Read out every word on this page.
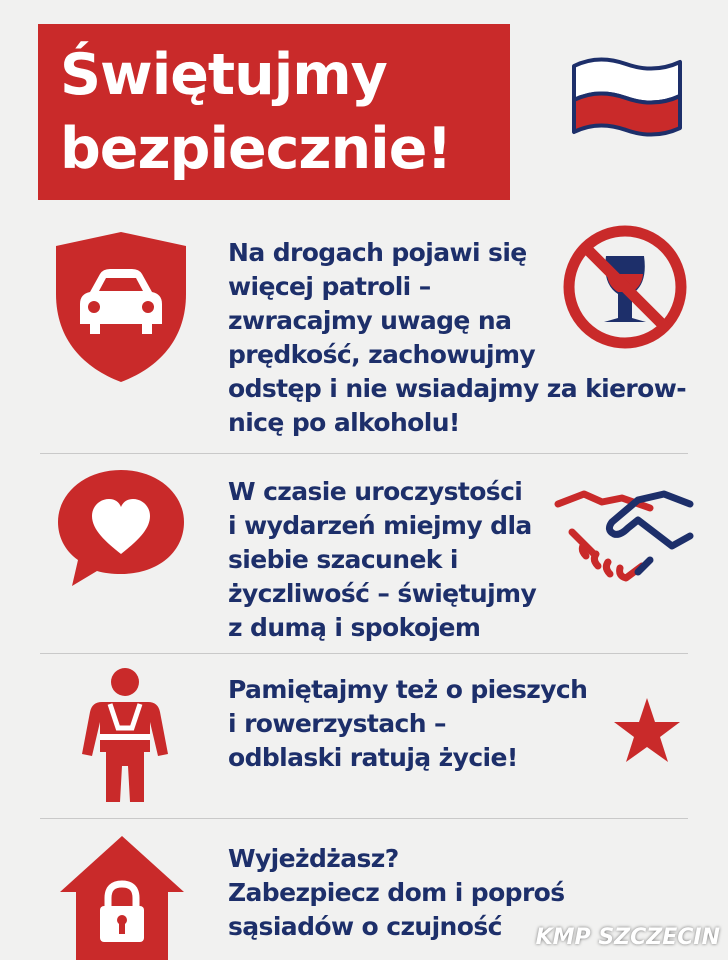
Świętujmy
bezpiecznie!
Na drogach pojawi się
więcej patroli –
zwracajmy uwagę na
prędkość, zachowujmy
odstęp i nie wsiadajmy za kierow-
nicę po alkoholu!
W czasie uroczystości
i wydarzeń miejmy dla
siebie szacunek i
życzliwość – świętujmy
z dumą i spokojem
Pamiętajmy też o pieszych
i rowerzystach –
odblaski ratują życie!
Wyjeżdżasz?
Zabezpiecz dom i poproś
sąsiadów o czujność	KMP SZCZECIN
